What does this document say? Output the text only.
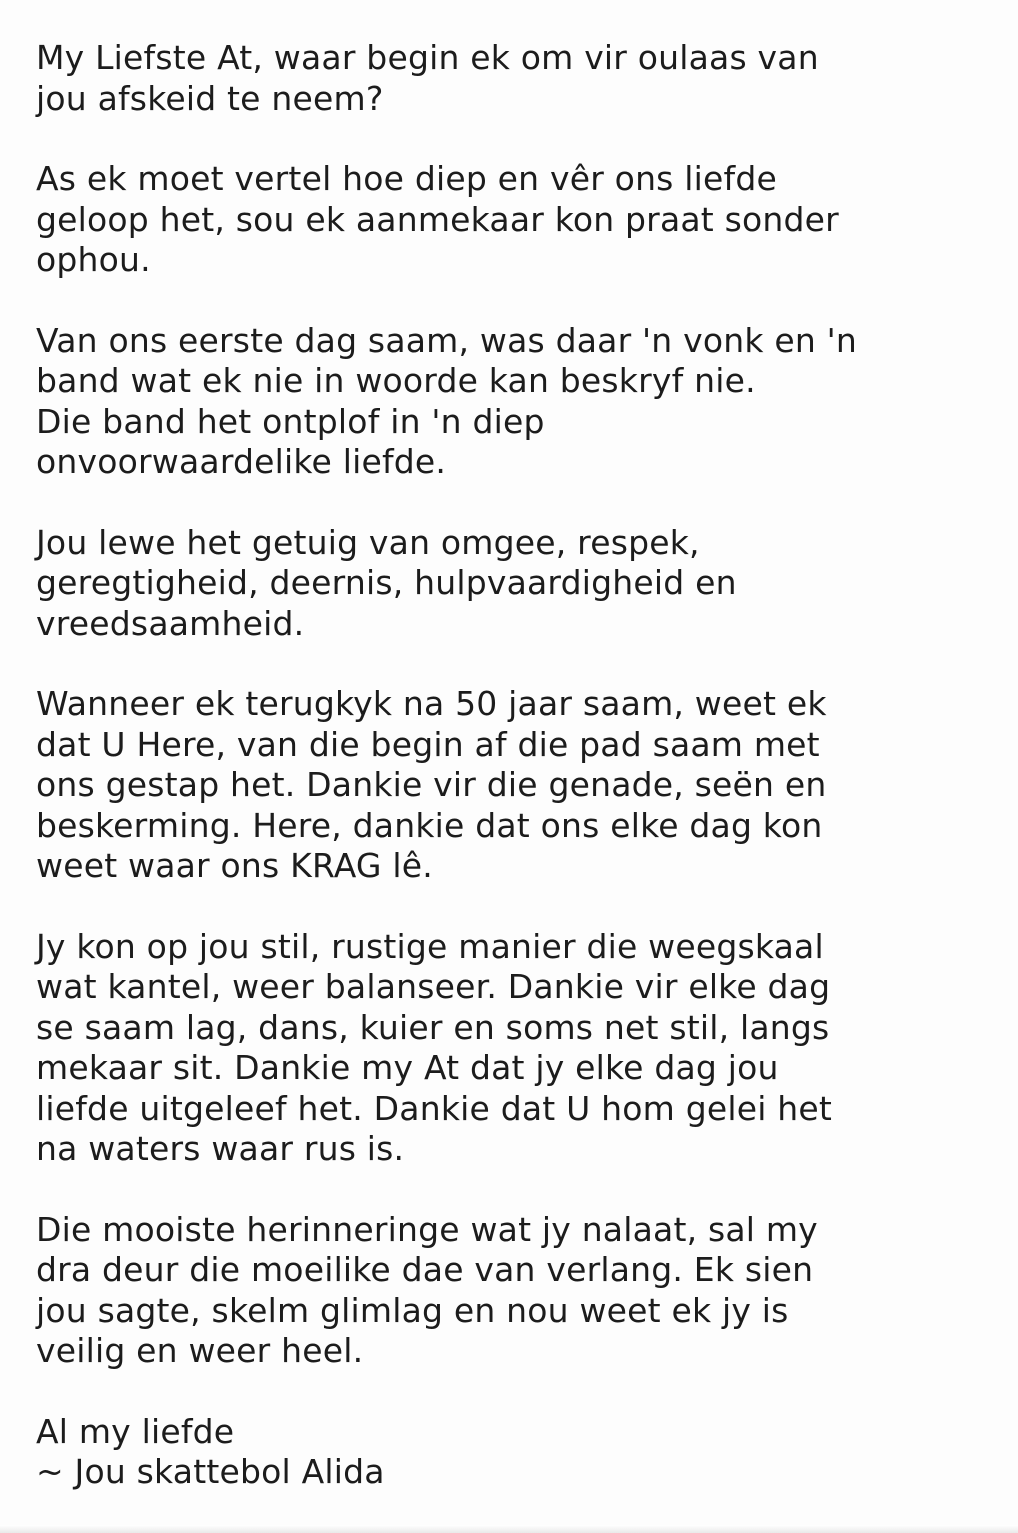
My Liefste At, waar begin ek om vir oulaas van
jou afskeid te neem?

As ek moet vertel hoe diep en vêr ons liefde
geloop het, sou ek aanmekaar kon praat sonder
ophou.

Van ons eerste dag saam, was daar 'n vonk en 'n
band wat ek nie in woorde kan beskryf nie.
Die band het ontplof in 'n diep
onvoorwaardelike liefde.

Jou lewe het getuig van omgee, respek,
geregtigheid, deernis, hulpvaardigheid en
vreedsaamheid.

Wanneer ek terugkyk na 50 jaar saam, weet ek
dat U Here, van die begin af die pad saam met
ons gestap het. Dankie vir die genade, seën en
beskerming. Here, dankie dat ons elke dag kon
weet waar ons KRAG lê.

Jy kon op jou stil, rustige manier die weegskaal
wat kantel, weer balanseer. Dankie vir elke dag
se saam lag, dans, kuier en soms net stil, langs
mekaar sit. Dankie my At dat jy elke dag jou
liefde uitgeleef het. Dankie dat U hom gelei het
na waters waar rus is.

Die mooiste herinneringe wat jy nalaat, sal my
dra deur die moeilike dae van verlang. Ek sien
jou sagte, skelm glimlag en nou weet ek jy is
veilig en weer heel.

Al my liefde
~ Jou skattebol Alida
